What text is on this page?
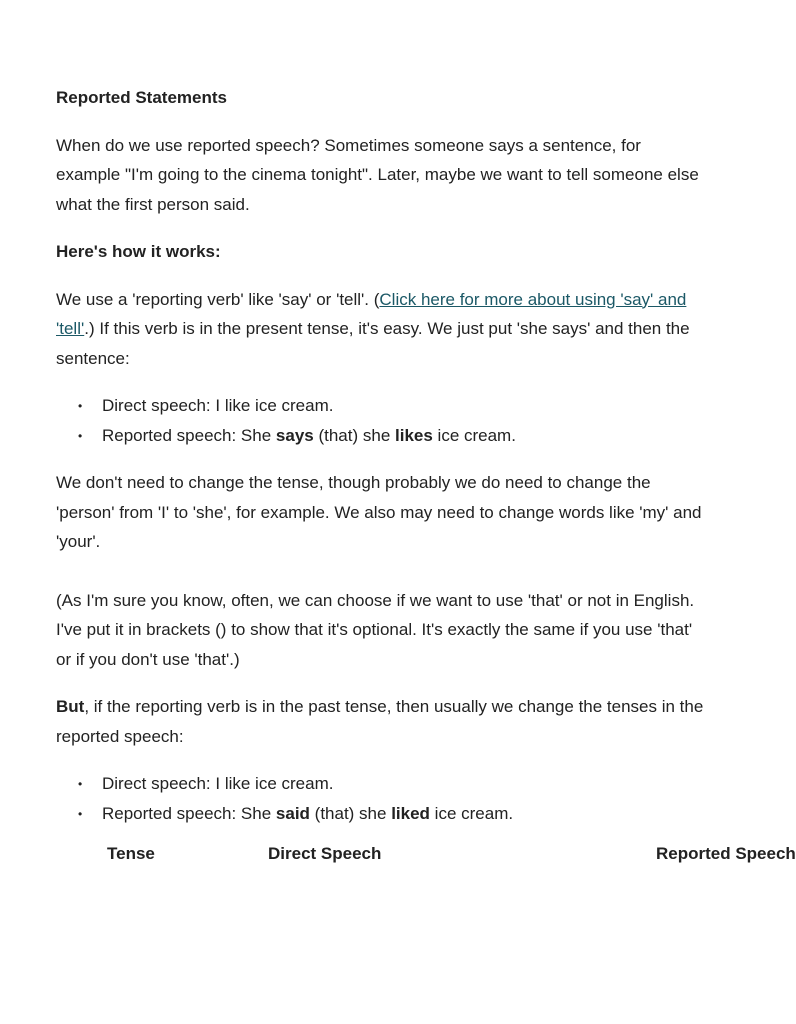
Reported Statements

When do we use reported speech? Sometimes someone says a sentence, for example "I'm going to the cinema tonight". Later, maybe we want to tell someone else what the first person said.

Here's how it works:

We use a 'reporting verb' like 'say' or 'tell'. (Click here for more about using 'say' and 'tell'.) If this verb is in the present tense, it's easy. We just put 'she says' and then the sentence:

• Direct speech: I like ice cream.
• Reported speech: She says (that) she likes ice cream.

We don't need to change the tense, though probably we do need to change the 'person' from 'I' to 'she', for example. We also may need to change words like 'my' and 'your'.

(As I'm sure you know, often, we can choose if we want to use 'that' or not in English. I've put it in brackets () to show that it's optional. It's exactly the same if you use 'that' or if you don't use 'that'.)

But, if the reporting verb is in the past tense, then usually we change the tenses in the reported speech:

• Direct speech: I like ice cream.
• Reported speech: She said (that) she liked ice cream.
Tense	Direct Speech	Reported Speech
